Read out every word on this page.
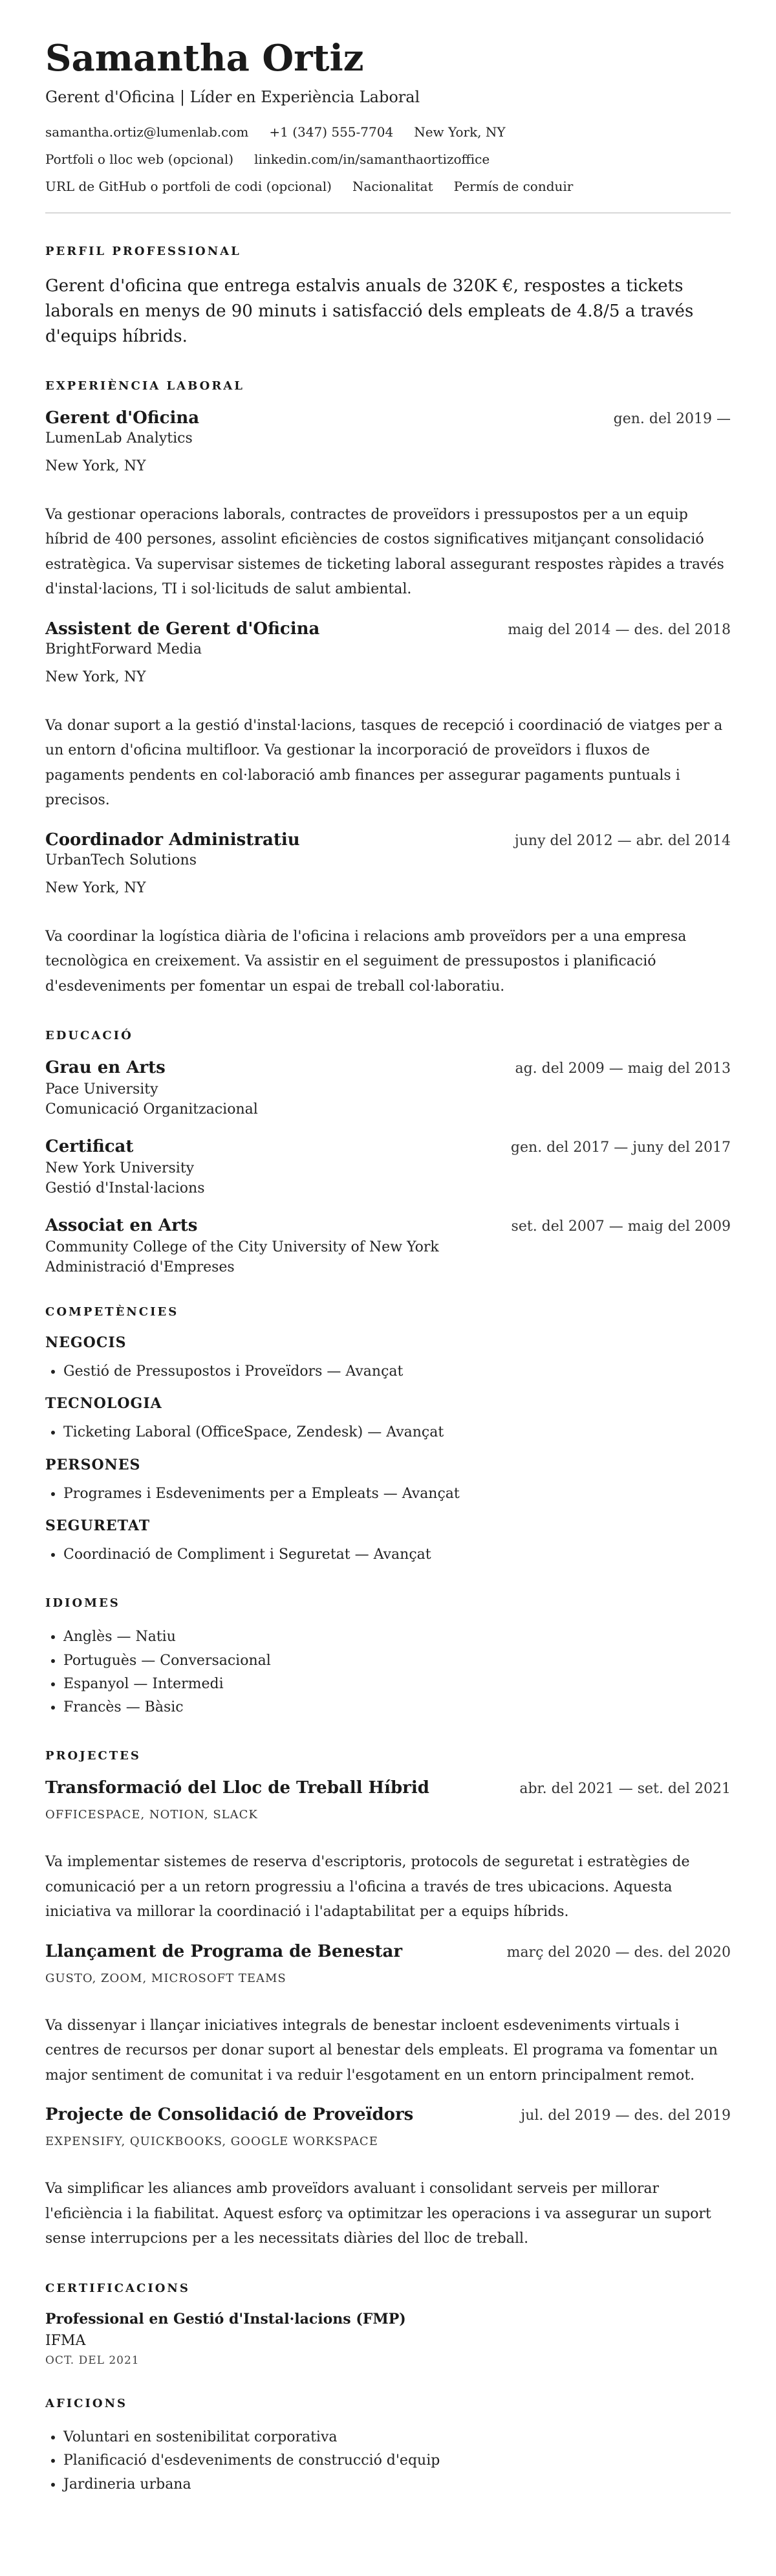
Samantha Ortiz
Gerent d'Oficina | Líder en Experiència Laboral
samantha.ortiz@lumenlab.com +1 (347) 555-7704 New York, NY
Portfoli o lloc web (opcional) linkedin.com/in/samanthaortizoffice
URL de GitHub o portfoli de codi (opcional) Nacionalitat Permís de conduir
PERFIL PROFESSIONAL

Gerent d'oficina que entrega estalvis anuals de 320K €, respostes a tickets laborals en menys de 90 minuts i satisfacció dels empleats de 4.8/5 a través d'equips híbrids.

EXPERIÈNCIA LABORAL
Gerent d'Oficina	gen. del 2019 —
LumenLab Analytics
New York, NY

Va gestionar operacions laborals, contractes de proveïdors i pressupostos per a un equip híbrid de 400 persones, assolint eficiències de costos significatives mitjançant consolidació estratègica. Va supervisar sistemes de ticketing laboral assegurant respostes ràpides a través d'instal·lacions, TI i sol·licituds de salut ambiental.

Assistent de Gerent d'Oficina	maig del 2014 — des. del 2018
BrightForward Media
New York, NY

Va donar suport a la gestió d'instal·lacions, tasques de recepció i coordinació de viatges per a un entorn d'oficina multifloor. Va gestionar la incorporació de proveïdors i fluxos de pagaments pendents en col·laboració amb finances per assegurar pagaments puntuals i precisos.

Coordinador Administratiu	juny del 2012 — abr. del 2014
UrbanTech Solutions
New York, NY

Va coordinar la logística diària de l'oficina i relacions amb proveïdors per a una empresa tecnològica en creixement. Va assistir en el seguiment de pressupostos i planificació d'esdeveniments per fomentar un espai de treball col·laboratiu.

EDUCACIÓ
Grau en Arts	ag. del 2009 — maig del 2013
Pace University
Comunicació Organitzacional
Certificat	gen. del 2017 — juny del 2017
New York University
Gestió d'Instal·lacions
Associat en Arts	set. del 2007 — maig del 2009
Community College of the City University of New York
Administració d'Empreses
COMPETÈNCIES
NEGOCIS
• Gestió de Pressupostos i Proveïdors — Avançat
TECNOLOGIA
• Ticketing Laboral (OfficeSpace, Zendesk) — Avançat
PERSONES
• Programes i Esdeveniments per a Empleats — Avançat
SEGURETAT
• Coordinació de Compliment i Seguretat — Avançat
IDIOMES
• Anglès — Natiu
• Portuguès — Conversacional
• Espanyol — Intermedi
• Francès — Bàsic
PROJECTES
Transformació del Lloc de Treball Híbrid	abr. del 2021 — set. del 2021
OFFICESPACE, NOTION, SLACK

Va implementar sistemes de reserva d'escriptoris, protocols de seguretat i estratègies de comunicació per a un retorn progressiu a l'oficina a través de tres ubicacions. Aquesta iniciativa va millorar la coordinació i l'adaptabilitat per a equips híbrids.

Llançament de Programa de Benestar	març del 2020 — des. del 2020
GUSTO, ZOOM, MICROSOFT TEAMS

Va dissenyar i llançar iniciatives integrals de benestar incloent esdeveniments virtuals i centres de recursos per donar suport al benestar dels empleats. El programa va fomentar un major sentiment de comunitat i va reduir l'esgotament en un entorn principalment remot.

Projecte de Consolidació de Proveïdors	jul. del 2019 — des. del 2019
EXPENSIFY, QUICKBOOKS, GOOGLE WORKSPACE

Va simplificar les aliances amb proveïdors avaluant i consolidant serveis per millorar l'eficiència i la fiabilitat. Aquest esforç va optimitzar les operacions i va assegurar un suport sense interrupcions per a les necessitats diàries del lloc de treball.

CERTIFICACIONS
Professional en Gestió d'Instal·lacions (FMP)
IFMA
OCT. DEL 2021
AFICIONS
• Voluntari en sostenibilitat corporativa
• Planificació d'esdeveniments de construcció d'equip
• Jardineria urbana
